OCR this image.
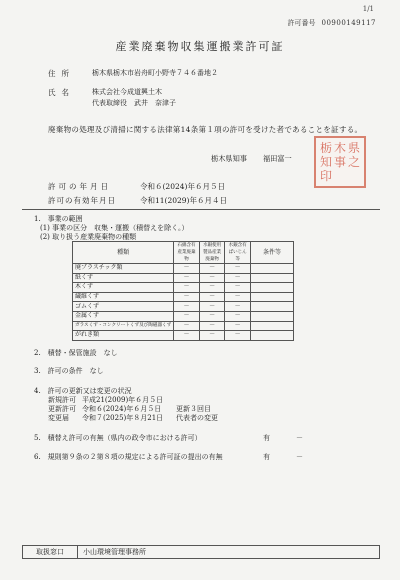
1/1
許可番号 00900149117
産業廃棄物収集運搬業許可証
住所 栃木県栃木市岩舟町小野寺７４６番地２
氏名 株式会社今成道興土木
代表取締役　武井　奈津子
廃棄物の処理及び清掃に関する法律第14条第１項の許可を受けた者であることを証する。
栃木県知事 福田富一
栃 木 県
知 事 之
印
許可の年月日	令和６(2024)年６月５日
許可の有効年月日	令和11(2029)年６月４日
1.　事業の範囲
(1) 事業の区分　収集・運搬（積替えを除く。）
(2) 取り扱う産業廃棄物の種類
種類	石綿含有産業廃棄物	水銀使用製品産業廃棄物	水銀含有ばいじん等	条件等
廃プラスチック類	－	－	－	
紙くず	－	－	－	
木くず	－	－	－	
繊維くず	－	－	－	
ゴムくず	－	－	－	
金属くず	－	－	－	
ガラスくず・コンクリートくず及び陶磁器くず	－	－	－	
がれき類	－	－	－	
2.　積替・保管施設　なし
3.　許可の条件　なし
4.　許可の更新又は変更の状況
新規許可 平成21(2009)年６月５日
更新許可 令和６(2024)年６月５日 更新３回目
変更届 令和７(2025)年８月21日 代表者の変更
5.　積替え許可の有無（県内の政令市における許可）	有	－
6.　規則第９条の２第８項の規定による許可証の提出の有無	有	－
取扱窓口	小山環境管理事務所
